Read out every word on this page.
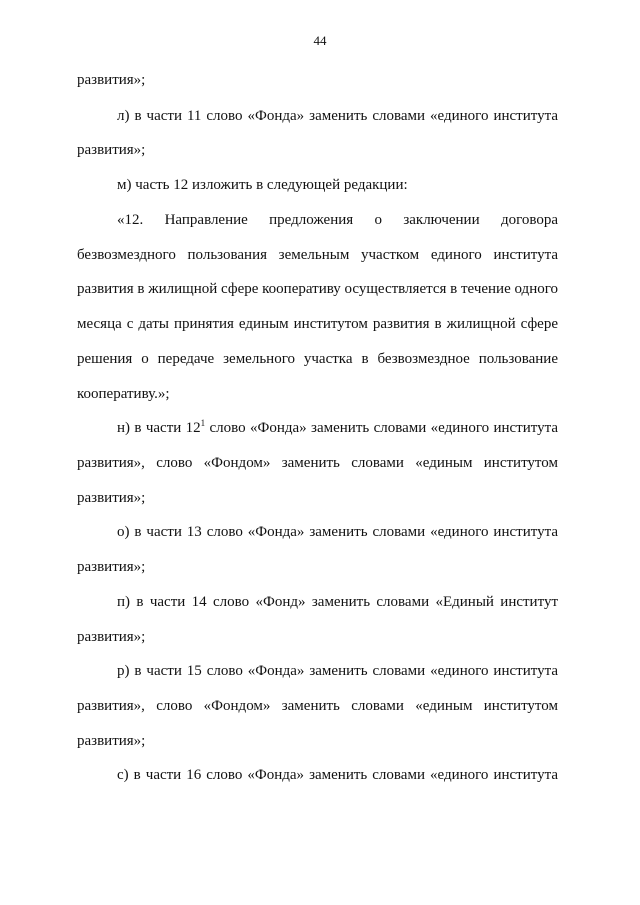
44
развития»;
л) в части 11 слово «Фонда» заменить словами «единого института
развития»;
м) часть 12 изложить в следующей редакции:
«12.    Направление    предложения    о    заключении    договора
безвозмездного пользования земельным участком единого института
развития в жилищной сфере кооперативу осуществляется в течение одного
месяца с даты принятия единым институтом развития в жилищной сфере
решения о передаче земельного участка в безвозмездное пользование
кооперативу.»;
н) в части $12^1$ слово «Фонда» заменить словами «единого института
развития», слово «Фондом» заменить словами «единым институтом
развития»;
о) в части 13 слово «Фонда» заменить словами «единого института
развития»;
п) в части 14 слово «Фонд» заменить словами «Единый институт
развития»;
р) в части 15 слово «Фонда» заменить словами «единого института
развития», слово «Фондом» заменить словами «единым институтом
развития»;
с) в части 16 слово «Фонда» заменить словами «единого института
